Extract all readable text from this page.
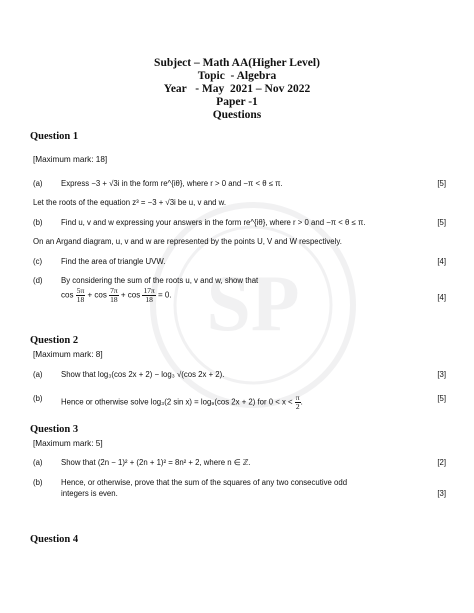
SP
Subject – Math AA(Higher Level)
Topic  - Algebra
Year   - May  2021 – Nov 2022
Paper -1
Questions
Question 1
[Maximum mark: 18]
(a) Express −3 + √3i in the form re^{iθ}, where r > 0 and −π < θ ≤ π.	[5]
Let the roots of the equation z³ = −3 + √3i be u, v and w.
(b) Find u, v and w expressing your answers in the form re^{iθ}, where r > 0 and −π < θ ≤ π.	[5]
On an Argand diagram, u, v and w are represented by the points U, V and W respectively.
(c) Find the area of triangle UVW.	[4]
(d) By considering the sum of the roots u, v and w, show that
$\cos \frac{5\pi}{18} + \cos \frac{7\pi}{18} + \cos \frac{17\pi}{18} = 0$.	[4]
Question 2
[Maximum mark: 8]
(a) Show that log₃(cos 2x + 2) − log₃ √(cos 2x + 2).	[3]
(b) Hence or otherwise solve log₃(2 sin x) = log₉(cos 2x + 2) for $0 < x < \frac{\pi}{2}$ .	[5]
Question 3
[Maximum mark: 5]
(a) Show that (2n − 1)² + (2n + 1)² = 8n² + 2, where n ∈ ℤ.	[2]
(b) Hence, or otherwise, prove that the sum of the squares of any two consecutive odd
integers is even.	[3]
Question 4
